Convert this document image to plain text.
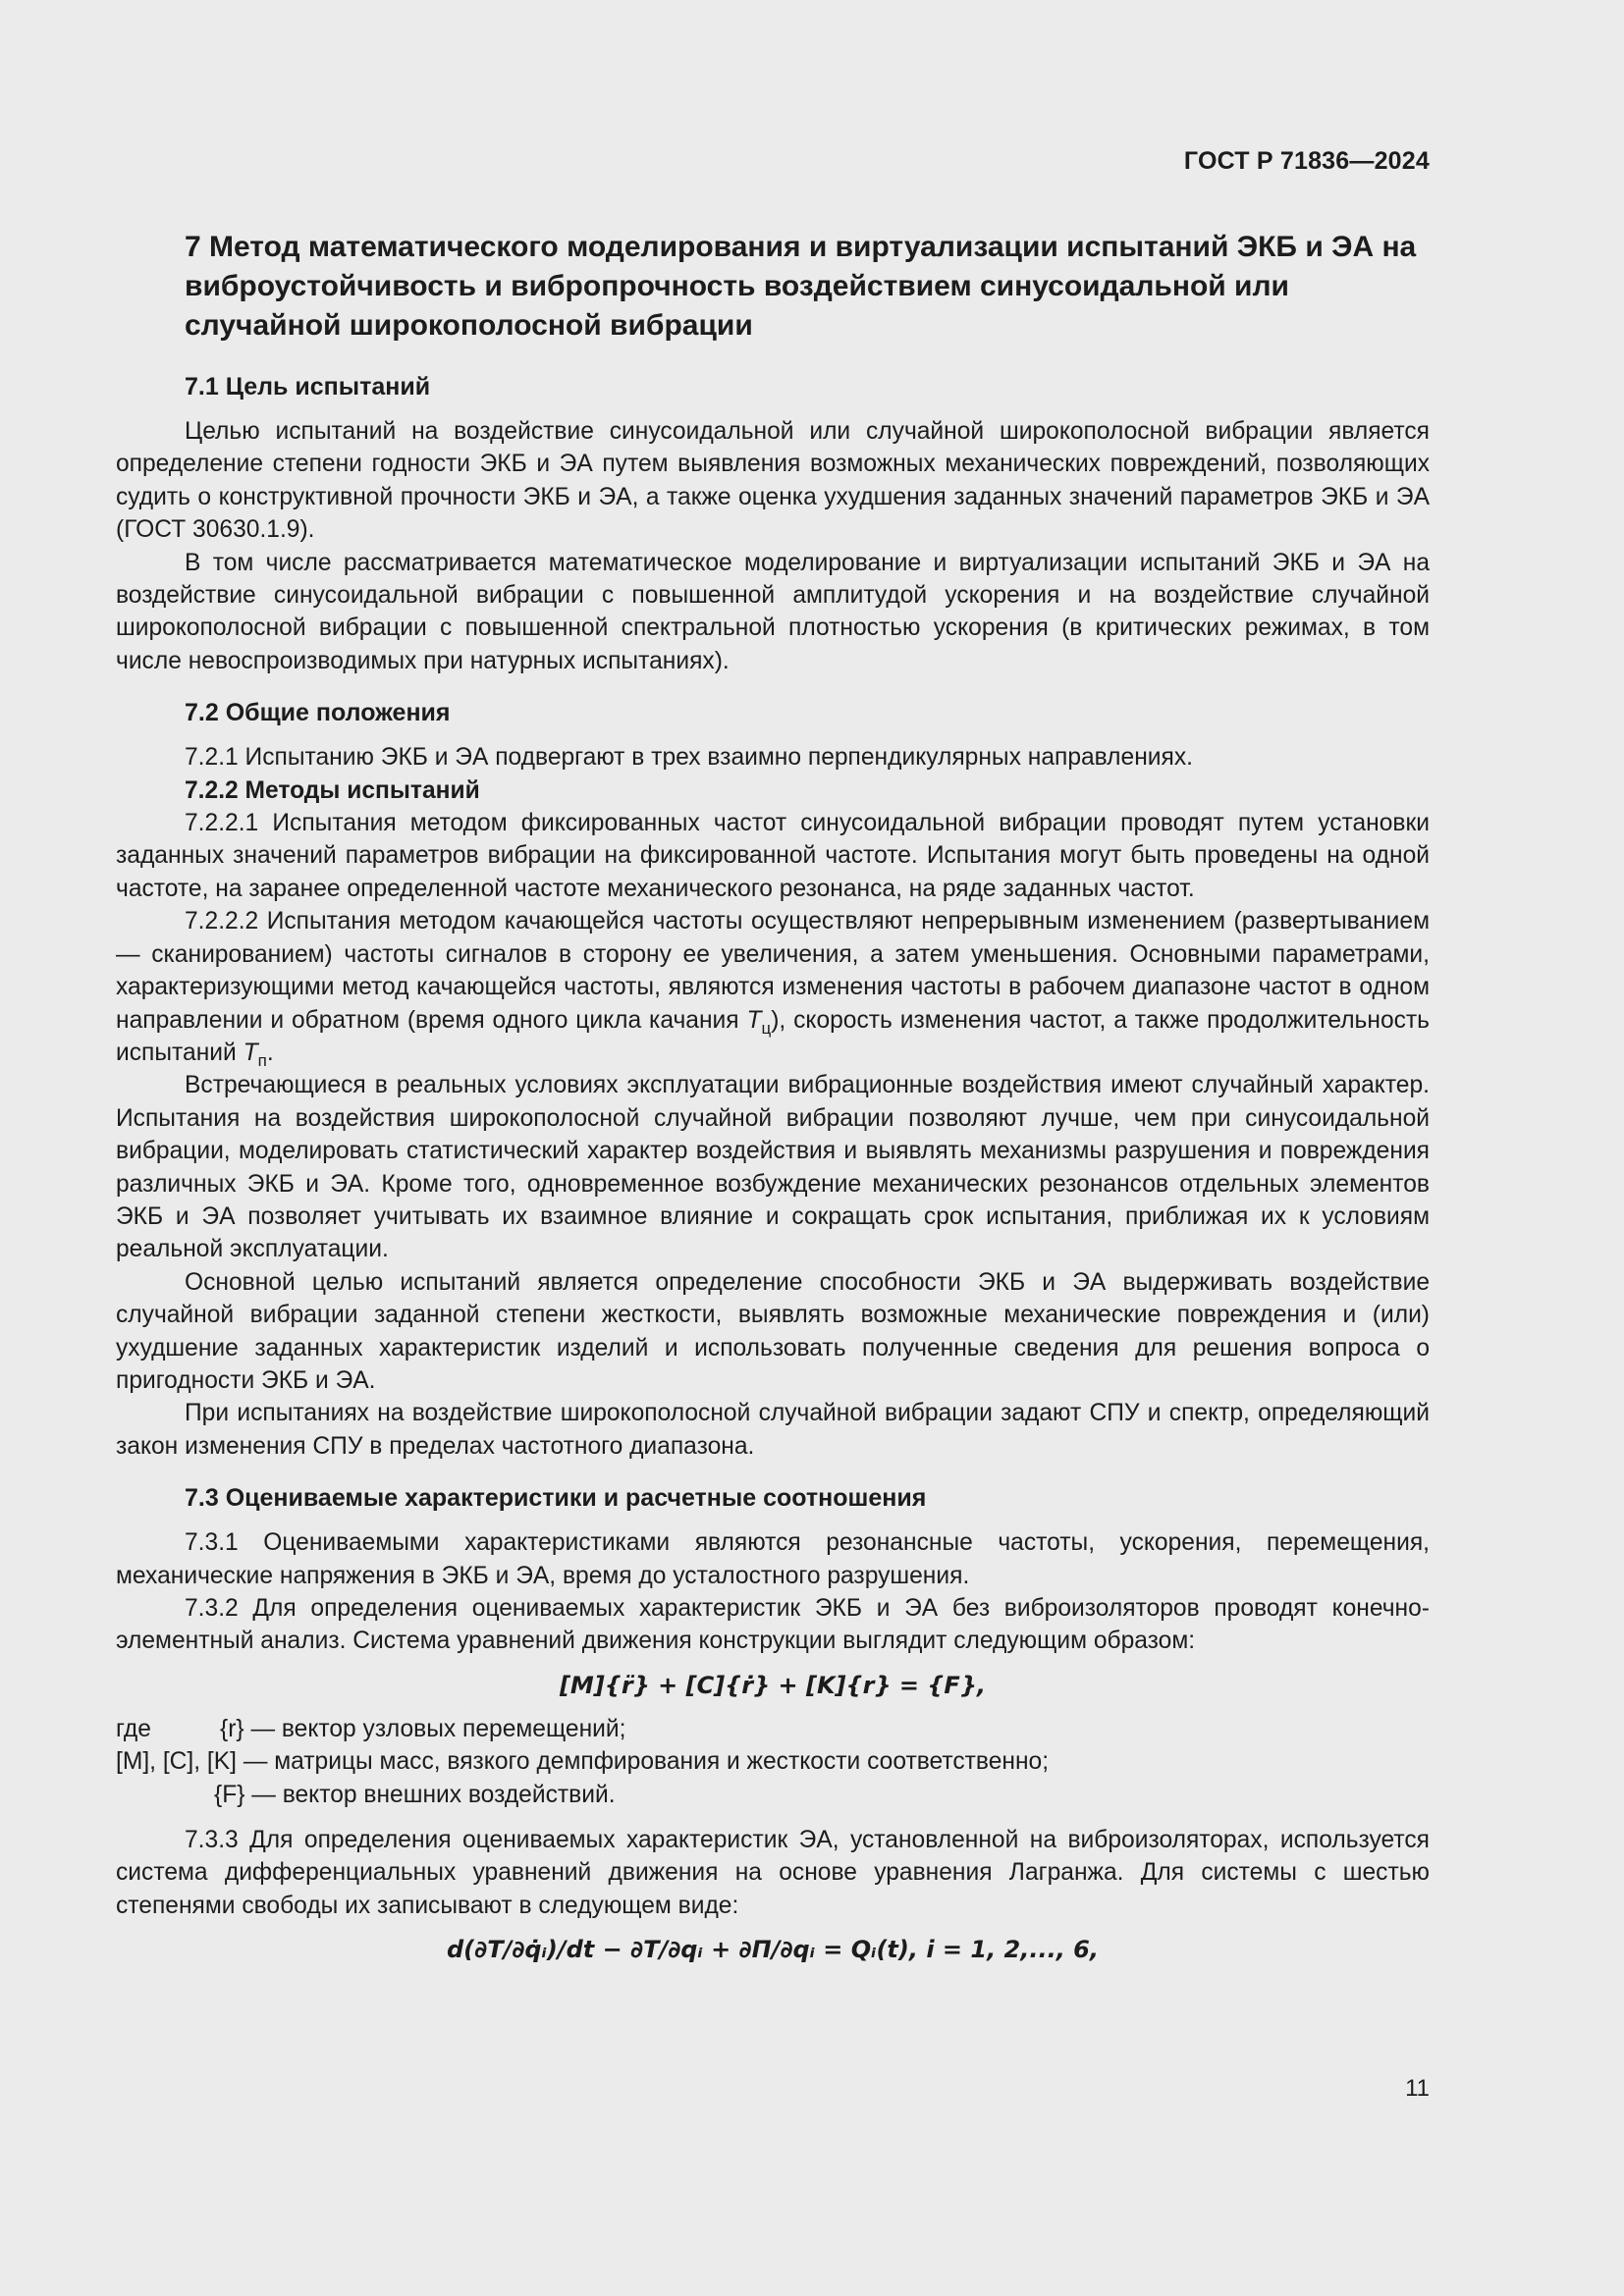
ГОСТ Р 71836—2024
7 Метод математического моделирования и виртуализации испытаний ЭКБ и ЭА на виброустойчивость и вибропрочность воздействием синусоидальной или случайной широкополосной вибрации
7.1 Цель испытаний

Целью испытаний на воздействие синусоидальной или случайной широкополосной вибрации является определение степени годности ЭКБ и ЭА путем выявления возможных механических повреждений, позволяющих судить о конструктивной прочности ЭКБ и ЭА, а также оценка ухудшения заданных значений параметров ЭКБ и ЭА (ГОСТ 30630.1.9).

В том числе рассматривается математическое моделирование и виртуализации испытаний ЭКБ и ЭА на воздействие синусоидальной вибрации с повышенной амплитудой ускорения и на воздействие случайной широкополосной вибрации с повышенной спектральной плотностью ускорения (в критических режимах, в том числе невоспроизводимых при натурных испытаниях).

7.2 Общие положения

7.2.1 Испытанию ЭКБ и ЭА подвергают в трех взаимно перпендикулярных направлениях.

7.2.2 Методы испытаний

7.2.2.1 Испытания методом фиксированных частот синусоидальной вибрации проводят путем установки заданных значений параметров вибрации на фиксированной частоте. Испытания могут быть проведены на одной частоте, на заранее определенной частоте механического резонанса, на ряде заданных частот.

7.2.2.2 Испытания методом качающейся частоты осуществляют непрерывным изменением (развертыванием — сканированием) частоты сигналов в сторону ее увеличения, а затем уменьшения. Основными параметрами, характеризующими метод качающейся частоты, являются изменения частоты в рабочем диапазоне частот в одном направлении и обратном (время одного цикла качания $T_ц$), скорость изменения частот, а также продолжительность испытаний $T_п$.

Встречающиеся в реальных условиях эксплуатации вибрационные воздействия имеют случайный характер. Испытания на воздействия широкополосной случайной вибрации позволяют лучше, чем при синусоидальной вибрации, моделировать статистический характер воздействия и выявлять механизмы разрушения и повреждения различных ЭКБ и ЭА. Кроме того, одновременное возбуждение механических резонансов отдельных элементов ЭКБ и ЭА позволяет учитывать их взаимное влияние и сокращать срок испытания, приближая их к условиям реальной эксплуатации.

Основной целью испытаний является определение способности ЭКБ и ЭА выдерживать воздействие случайной вибрации заданной степени жесткости, выявлять возможные механические повреждения и (или) ухудшение заданных характеристик изделий и использовать полученные сведения для решения вопроса о пригодности ЭКБ и ЭА.

При испытаниях на воздействие широкополосной случайной вибрации задают СПУ и спектр, определяющий закон изменения СПУ в пределах частотного диапазона.

7.3 Оцениваемые характеристики и расчетные соотношения

7.3.1 Оцениваемыми характеристиками являются резонансные частоты, ускорения, перемещения, механические напряжения в ЭКБ и ЭА, время до усталостного разрушения.

7.3.2 Для определения оцениваемых характеристик ЭКБ и ЭА без виброизоляторов проводят конечно-элементный анализ. Система уравнений движения конструкции выглядит следующим образом:

[M]{r̈} + [C]{ṙ} + [K]{r} = {F},
где	{r} — вектор узловых перемещений;
[M], [C], [K] — матрицы масс, вязкого демпфирования и жесткости соответственно;
{F} — вектор внешних воздействий.

7.3.3 Для определения оцениваемых характеристик ЭА, установленной на виброизоляторах, используется система дифференциальных уравнений движения на основе уравнения Лагранжа. Для системы с шестью степенями свободы их записывают в следующем виде:

d(∂T/∂q̇ᵢ)/dt − ∂T/∂qᵢ + ∂П/∂qᵢ = Qᵢ(t), i = 1, 2,..., 6,
11
